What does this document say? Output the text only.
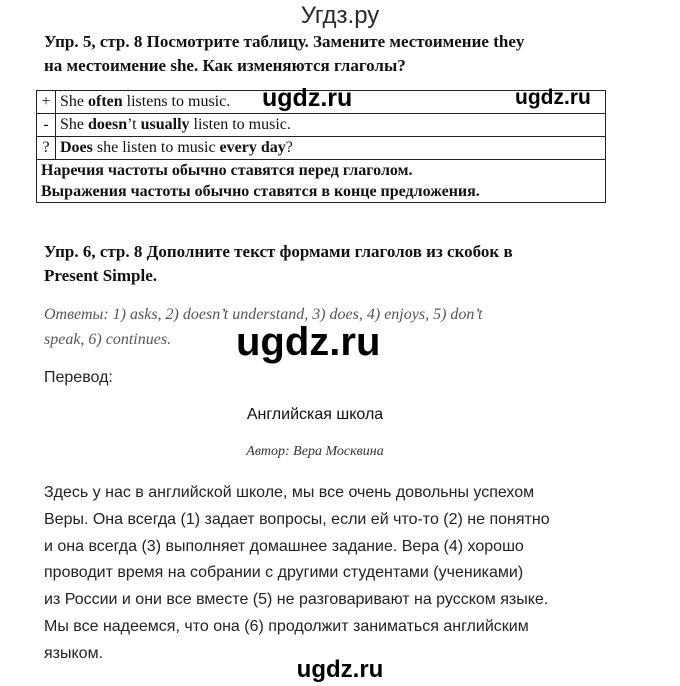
Угдз.ру
Упр. 5, стр. 8 Посмотрите таблицу. Замените местоимение they
на местоимение she. Как изменяются глаголы?
+	She often listens to music.
-	She doesn’t usually listen to music.
?	Does she listen to music every day?
Наречия частоты обычно ставятся перед глаголом.	
Выражения частоты обычно ставятся в конце предложения.	
ugdz.ru	ugdz.ru
Упр. 6, стр. 8 Дополните текст формами глаголов из скобок в
Present Simple.
Ответы: 1) asks, 2) doesn’t understand, 3) does, 4) enjoys, 5) don’t
speak, 6) continues.	ugdz.ru
Перевод:
Английская школа
Автор: Вера Москвина
Здесь у нас в английской школе, мы все очень довольны успехом
Веры. Она всегда (1) задает вопросы, если ей что-то (2) не понятно
и она всегда (3) выполняет домашнее задание. Вера (4) хорошо
проводит время на собрании с другими студентами (учениками)
из России и они все вместе (5) не разговаривают на русском языке.
Мы все надеемся, что она (6) продолжит заниматься английским
языком.
ugdz.ru
